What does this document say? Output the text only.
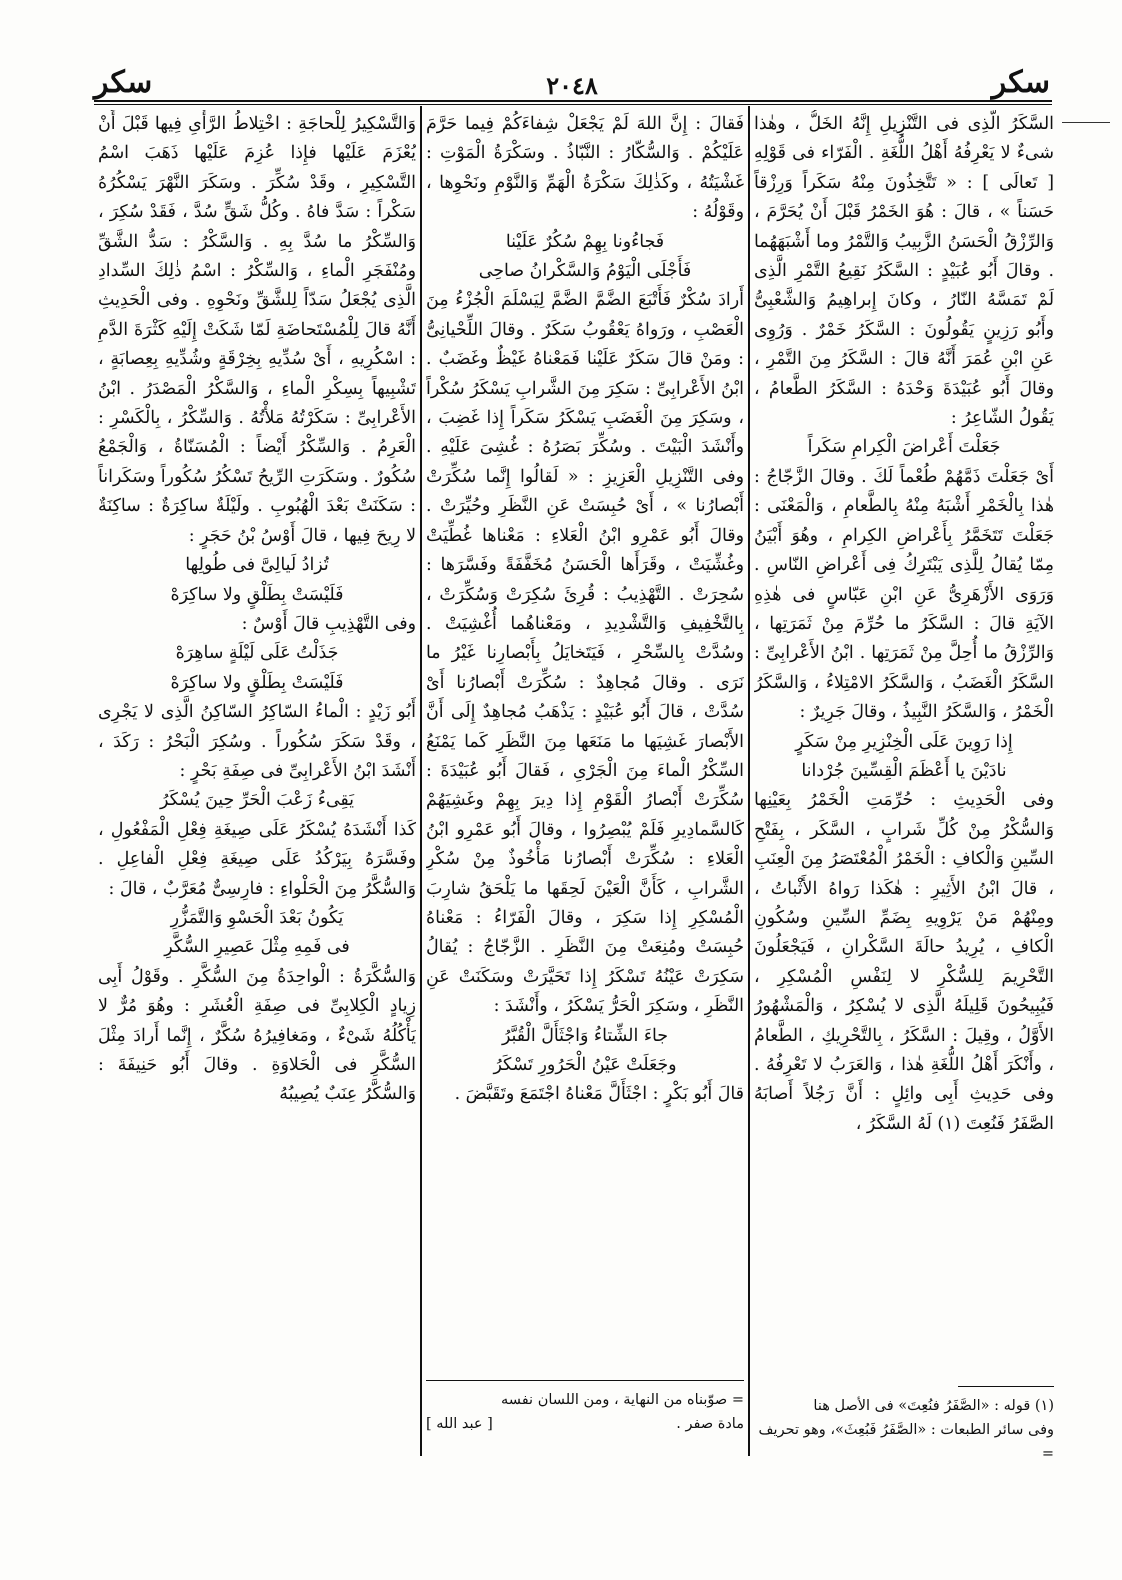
سكر
٢٠٤٨
سكر

السَّكَرُ الَّذِى فى التَّنْزِيلِ إِنَّهُ الخَلُّ ، وهٰذا شىءٌ لا يَعْرِفُهُ أَهْلُ اللُّغَةِ . الْفَرّاء فى قَوْلِهِ [ تَعالَى ] : « تَتَّخِذُونَ مِنْهُ سَكَراً وَرِزْقاً حَسَناً » ، قالَ : هُوَ الخَمْرُ قَبْلَ أَنْ يُحَرَّمَ ، وَالرِّزْقُ الْحَسَنُ الزَّبِيبُ وَالتَّمْرُ وما أَشْبَهَهُما . وقالَ أَبُو عُبَيْدٍ : السَّكَرُ نَقِيعُ التَّمْرِ الَّذِى لَمْ تَمَسَّهُ النّارُ ، وكانَ إِبراهِيمُ وَالشَّعْبِىُّ وأَبُو رَزِينٍ يَقُولُونَ : السَّكَرُ خَمْرٌ . وَرُوِى عَنِ ابْنِ عُمَرَ أَنَّهُ قالَ : السَّكَرُ مِنَ التَّمْرِ ، وقالَ أَبُو عُبَيْدَةَ وَحْدَهُ : السَّكَرُ الطَّعامُ ، يَقُولُ الشّاعِرُ :

جَعَلْتَ أَعْراضَ الْكِرامِ سَكَراً

أَىْ جَعَلْتَ ذَمَّهُمْ طُعْماً لَكَ . وقالَ الزَّجّاجُ : هٰذا بِالْخَمْرِ أَشْبَهُ مِنْهُ بِالطَّعامِ ، وَالْمَعْنَى : جَعَلْتَ تَتَخَمَّرُ بِأَعْراضِ الكِرامِ ، وهُوَ أَبْيَنُ مِمّا يُقالُ لِلَّذِى يَبْتَرِكُ فِى أَعْراضِ النّاسِ . وَرَوَى الأَزْهَرِىُّ عَنِ ابْنِ عَبّاسٍ فى هٰذِهِ الآيَةِ قالَ : السَّكَرُ ما حُرِّمَ مِنْ ثَمَرَتِها ، وَالرِّزْقُ ما أُحِلَّ مِنْ ثَمَرَتِها . ابْنُ الأَعْرابِىِّ : السَّكَرُ الْغَضَبُ ، وَالسَّكَرُ الامْتِلاءُ ، وَالسَّكَرُ الْخَمْرُ ، وَالسَّكَرُ النَّبِيذُ ، وقالَ جَرِيرٌ :

إِذا رَوِينَ عَلَى الْخِنْزِيرِ مِنْ سَكَرٍ

نادَيْنَ يا أَعْظَمَ الْقِسِّينَ جُرْدانا

وفى الْحَدِيثِ : حُرِّمَتِ الْخَمْرُ بِعَيْنِها وَالسُّكْرُ مِنْ كُلِّ شَرابٍ ، السَّكَر ، بِفَتْحِ السِّينِ وَالْكافِ : الْخَمْرُ الْمُعْتَصَرُ مِنَ الْعِنَبِ ، قالَ ابْنُ الأَثِيرِ : هٰكَذا رَواهُ الأَثْباتُ ، ومِنْهُمْ مَنْ يَرْوِيهِ بِضَمِّ السِّينِ وسُكُونِ الْكافِ ، يُرِيدُ حالَةَ السَّكْرانِ ، فَيَجْعَلُونَ التَّحْرِيمَ لِلسُّكْرِ لا لِنَفْسِ الْمُسْكِرِ ، فَيُبِيحُونَ قَلِيلَهُ الَّذِى لا يُسْكِرُ ، وَالْمَشْهُورُ الأَوَّلُ ، وقِيلَ : السَّكَرُ ، بِالتَّحْرِيكِ ، الطَّعامُ ، وأَنْكَرَ أَهْلُ اللُّغَةِ هٰذا ، وَالعَرَبُ لا تَعْرِفُهُ . وفى حَدِيثِ أَبِى وائِلٍ : أَنَّ رَجُلاً أَصابَهُ الصَّفَرُ فَنُعِتَ (١) لَهُ السَّكَرُ ،

فَقالَ : إِنَّ اللهَ لَمْ يَجْعَلْ شِفاءَكُمْ فِيما حَرَّمَ عَلَيْكُمْ . وَالسُّكّارُ : النَّبّاذُ . وسَكْرَةُ الْمَوْتِ : غَشْيَتُهُ ، وكَذٰلِكَ سَكْرَةُ الْهَمِّ وَالنَّوْمِ ونَحْوِها ، وقَوْلُهُ :

فَجاءُونا بِهِمْ سُكُرٌ عَلَيْنا

فَأَجْلَى الْيَوْمُ وَالسَّكْرانُ صاحِى

أَرادَ سُكْرٌ فَأَتْبَعَ الضَّمَّ الضَّمَّ لِيَسْلَمَ الْجُزْءُ مِنَ الْعَصْبِ ، ورَواهُ يَعْقُوبُ سَكَرٌ . وقالَ اللِّحْيانِىُّ : ومَنْ قالَ سَكَرٌ عَلَيْنا فَمَعْناهُ غَيْظٌ وغَضَبٌ . ابْنُ الأَعْرابِىِّ : سَكِرَ مِنَ الشَّرابِ يَسْكَرُ سُكْراً ، وسَكِرَ مِنَ الْغَضَبِ يَسْكَرُ سَكَراً إِذا غَضِبَ ، وأَنْشَدَ الْبَيْتَ . وسُكِّرَ بَصَرُهُ : غُشِىَ عَلَيْهِ . وفى التَّنْزِيلِ الْعَزِيزِ : « لَقالُوا إِنَّما سُكِّرَتْ أَبْصارُنا » ، أَىْ حُبِسَتْ عَنِ النَّظَرِ وحُيِّرَتْ . وقالَ أَبُو عَمْرِو ابْنُ الْعَلاءِ : مَعْناها غُطِّيَتْ وغُشِّيَتْ ، وقَرَأَها الْحَسَنُ مُخَفَّفَةً وفَسَّرَها : سُحِرَتْ . التَّهْذِيبُ : قُرِئَ سُكِرَتْ وَسُكِّرَتْ ، بِالتَّخْفِيفِ وَالتَّشْدِيدِ ، ومَعْناهُما أُغْشِيَتْ . وسُدَّتْ بِالسِّحْرِ ، فَيَتَخايَلُ بِأَبْصارِنا غَيْرُ ما نَرَى . وقالَ مُجاهِدٌ : سُكِّرَتْ أَبْصارُنا أَىْ سُدَّتْ ، قالَ أَبُو عُبَيْدٍ : يَذْهَبُ مُجاهِدٌ إِلَى أَنَّ الأَبْصارَ غَشِيَها ما مَنَعَها مِنَ النَّظَرِ كَما يَمْنَعُ السِّكْرُ الْماءَ مِنَ الْجَرْىِ ، فَقالَ أَبُو عُبَيْدَةَ : سُكِّرَتْ أَبْصارُ الْقَوْمِ إِذا دِيرَ بِهِمْ وغَشِيَهُمْ كَالسَّمادِيرِ فَلَمْ يُبْصِرُوا ، وقالَ أَبُو عَمْرِو ابْنُ الْعَلاءِ : سُكِّرَتْ أَبْصارُنا مَأْخُوذٌ مِنْ سُكْرِ الشَّرابِ ، كَأَنَّ الْعَيْنَ لَحِقَها ما يَلْحَقُ شارِبَ الْمُسْكِرِ إِذا سَكِرَ ، وقالَ الْفَرّاءُ : مَعْناهُ حُبِسَتْ ومُنِعَتْ مِنَ النَّظَرِ . الزَّجّاجُ : يُقالُ سَكِرَتْ عَيْنُهُ تَسْكَرُ إِذا تَحَيَّرَتْ وسَكَنَتْ عَنِ النَّظَرِ ، وسَكِرَ الْحَرُّ يَسْكَرُ ، وأَنْشَدَ :

جاءَ الشِّتاءُ وَاجْثَأَلَّ الْقُبَّرُ

وجَعَلَتْ عَيْنُ الْحَرُورِ تَسْكَرُ

قالَ أَبُو بَكْرٍ : اجْثَأَلَّ مَعْناهُ اجْتَمَعَ وتَقَبَّضَ .

وَالتَّسْكِيرُ لِلْحاجَةِ : اخْتِلاطُ الرَّأْىِ فِيها قَبْلَ أَنْ يُعْزَمَ عَلَيْها فإِذا عُزِمَ عَلَيْها ذَهَبَ اسْمُ التَّسْكِيرِ ، وقَدْ سُكِّرَ . وسَكَرَ النَّهْرَ يَسْكُرُهُ سَكْراً : سَدَّ فاهُ . وكُلُّ شَقٍّ سُدَّ ، فَقَدْ سُكِرَ ، وَالسِّكْرُ ما سُدَّ بِهِ . وَالسَّكْرُ : سَدُّ الشَّقِّ ومُنْفَجَرِ الْماءِ ، وَالسِّكْرُ : اسْمُ ذٰلِكَ السِّدادِ الَّذِى يُجْعَلُ سَدّاً لِلشَّقِّ ونَحْوِهِ . وفى الْحَدِيثِ أَنَّهُ قالَ لِلْمُسْتَحاضَةِ لَمّا شَكَتْ إِلَيْهِ كَثْرَةَ الدَّمِ : اسْكُرِيهِ ، أَىْ سُدِّيهِ بِخِرْقَةٍ وشُدِّيهِ بِعِصابَةٍ ، تَشْبِيهاً بِسِكْرِ الْماءِ ، وَالسَّكْرُ الْمَصْدَرُ . ابْنُ الأَعْرابِىِّ : سَكَرْتُهُ مَلأْتُهُ . وَالسِّكْرُ ، بِالْكَسْرِ : الْعَرِمُ . وَالسِّكْرُ أَيْضاً : الْمُسَنّاةُ ، وَالْجَمْعُ سُكُورٌ . وسَكَرَتِ الرِّيحُ تَسْكُرُ سُكُوراً وسَكَراناً : سَكَنَتْ بَعْدَ الْهُبُوبِ . ولَيْلَةٌ ساكِرَةٌ : ساكِنَةٌ لا رِيحَ فِيها ، قالَ أَوْسُ بْنُ حَجَرٍ :

تُزادُ لَيالِىَّ فى طُولِها

فَلَيْسَتْ بِطَلْقٍ ولا ساكِرَهْ

وفى التَّهْذِيبِ قالَ أَوْسٌ :

جَذَلْتُ عَلَى لَيْلَةٍ ساهِرَهْ

فَلَيْسَتْ بِطَلْقٍ ولا ساكِرَهْ

أَبُو زَيْدٍ : الْماءُ السّاكِرُ السّاكِنُ الَّذِى لا يَجْرِى ، وقَدْ سَكَرَ سُكُوراً . وسُكِرَ الْبَحْرُ : رَكَدَ ، أَنْشَدَ ابْنُ الأَعْرابِىِّ فى صِفَةِ بَحْرٍ :

يَقِىءُ زَعْبَ الْحَرِّ حِينَ يُسْكَرُ

كَذا أَنْشَدَهُ يُسْكَرُ عَلَى صِيغَةِ فِعْلِ الْمَفْعُولِ ، وفَسَّرَهُ بِيَرْكُدُ عَلَى صِيغَةِ فِعْلِ الْفاعِلِ . وَالسُّكَّرُ مِنَ الْحَلْواءِ : فارِسِىٌّ مُعَرَّبٌ ، قالَ :

يَكُونُ بَعْدَ الْحَسْوِ وَالتَّمَزُّرِ

فى فَمِهِ مِثْلَ عَصِيرِ السُّكَّرِ

وَالسُّكَّرَةُ : الْواحِدَةُ مِنَ السُّكَّرِ . وقَوْلُ أَبِى زِيادٍ الْكِلابِىِّ فى صِفَةِ الْعُشَرِ : وهُوَ مُرٌّ لا يَأْكُلُهُ شَىْءٌ ، ومَغافِيرُهُ سُكَّرٌ ، إِنَّما أَرادَ مِثْلَ السُّكَّرِ فى الْحَلاوَةِ . وقالَ أَبُو حَنِيفَةَ : وَالسُّكَّرُ عِنَبٌ يُصِيبُهُ

(١) قوله : «الصَّفَرُ فنُعِتَ» فى الأصل هنا
وفى سائر الطبعات : «الصَّفَرُ فَبُعِثَ»، وهو تحريف =
= صوّبناه من النهاية ، ومن اللسان نفسه
مادة صفر .
[ عبد الله ]
